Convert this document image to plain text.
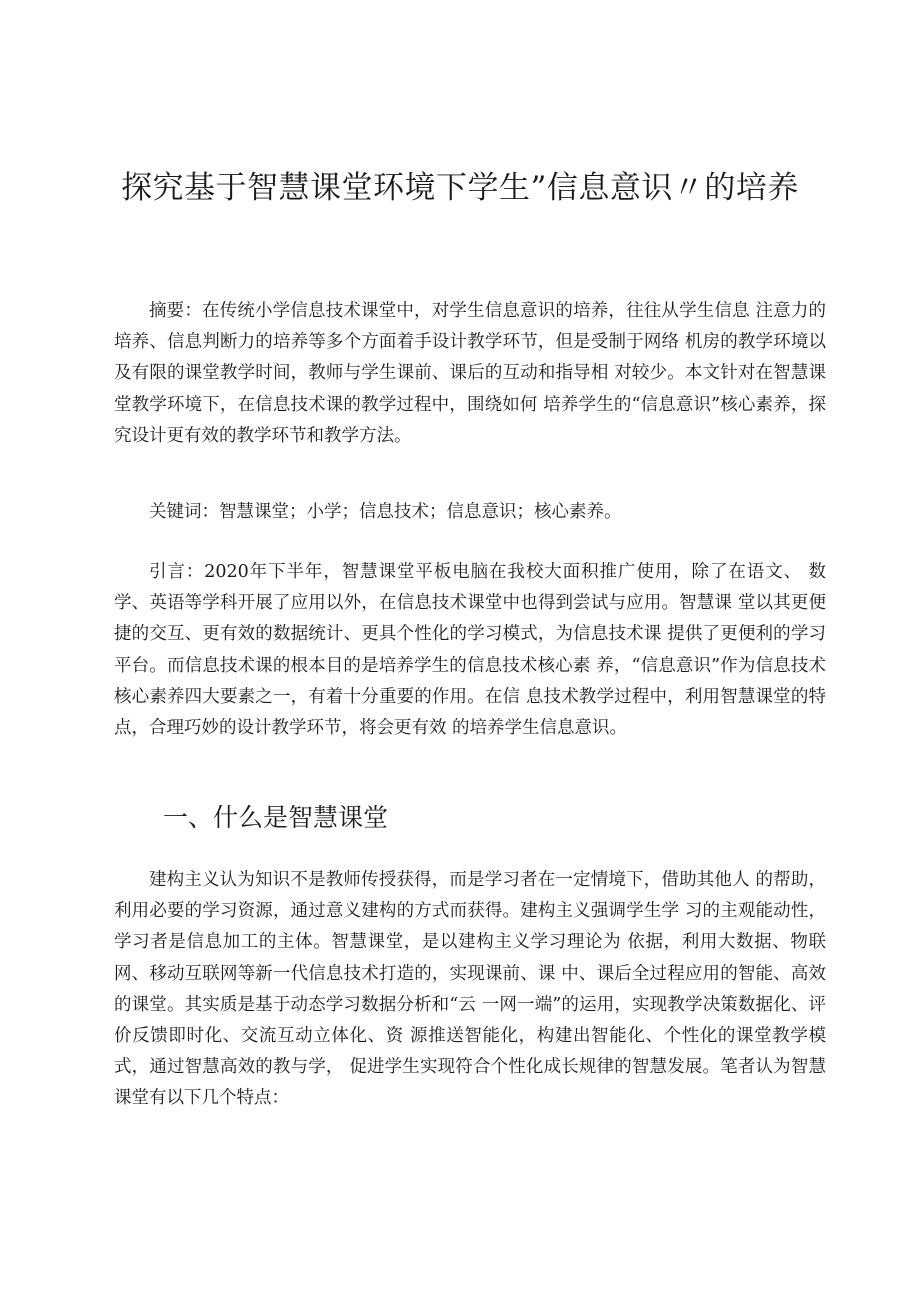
探究基于智慧课堂环境下学生”信息意识〃的培养

摘要：在传统小学信息技术课堂中，对学生信息意识的培养，往往从学生信息 注意力的培养、信息判断力的培养等多个方面着手设计教学环节，但是受制于网络 机房的教学环境以及有限的课堂教学时间，教师与学生课前、课后的互动和指导相 对较少。本文针对在智慧课堂教学环境下，在信息技术课的教学过程中，围绕如何 培养学生的“信息意识”核心素养，探究设计更有效的教学环节和教学方法。

关键词：智慧课堂；小学；信息技术；信息意识；核心素养。

引言：2020年下半年，智慧课堂平板电脑在我校大面积推广使用，除了在语文、 数学、英语等学科开展了应用以外，在信息技术课堂中也得到尝试与应用。智慧课 堂以其更便捷的交互、更有效的数据统计、更具个性化的学习模式，为信息技术课 提供了更便利的学习平台。而信息技术课的根本目的是培养学生的信息技术核心素 养，“信息意识”作为信息技术核心素养四大要素之一，有着十分重要的作用。在信 息技术教学过程中，利用智慧课堂的特点，合理巧妙的设计教学环节，将会更有效 的培养学生信息意识。

一、什么是智慧课堂

建构主义认为知识不是教师传授获得，而是学习者在一定情境下，借助其他人 的帮助，利用必要的学习资源，通过意义建构的方式而获得。建构主义强调学生学 习的主观能动性，学习者是信息加工的主体。智慧课堂，是以建构主义学习理论为 依据，利用大数据、物联网、移动互联网等新一代信息技术打造的，实现课前、课 中、课后全过程应用的智能、高效的课堂。其实质是基于动态学习数据分析和“云 一网一端”的运用，实现教学决策数据化、评价反馈即时化、交流互动立体化、资 源推送智能化，构建出智能化、个性化的课堂教学模式，通过智慧高效的教与学， 促进学生实现符合个性化成长规律的智慧发展。笔者认为智慧课堂有以下几个特点：
